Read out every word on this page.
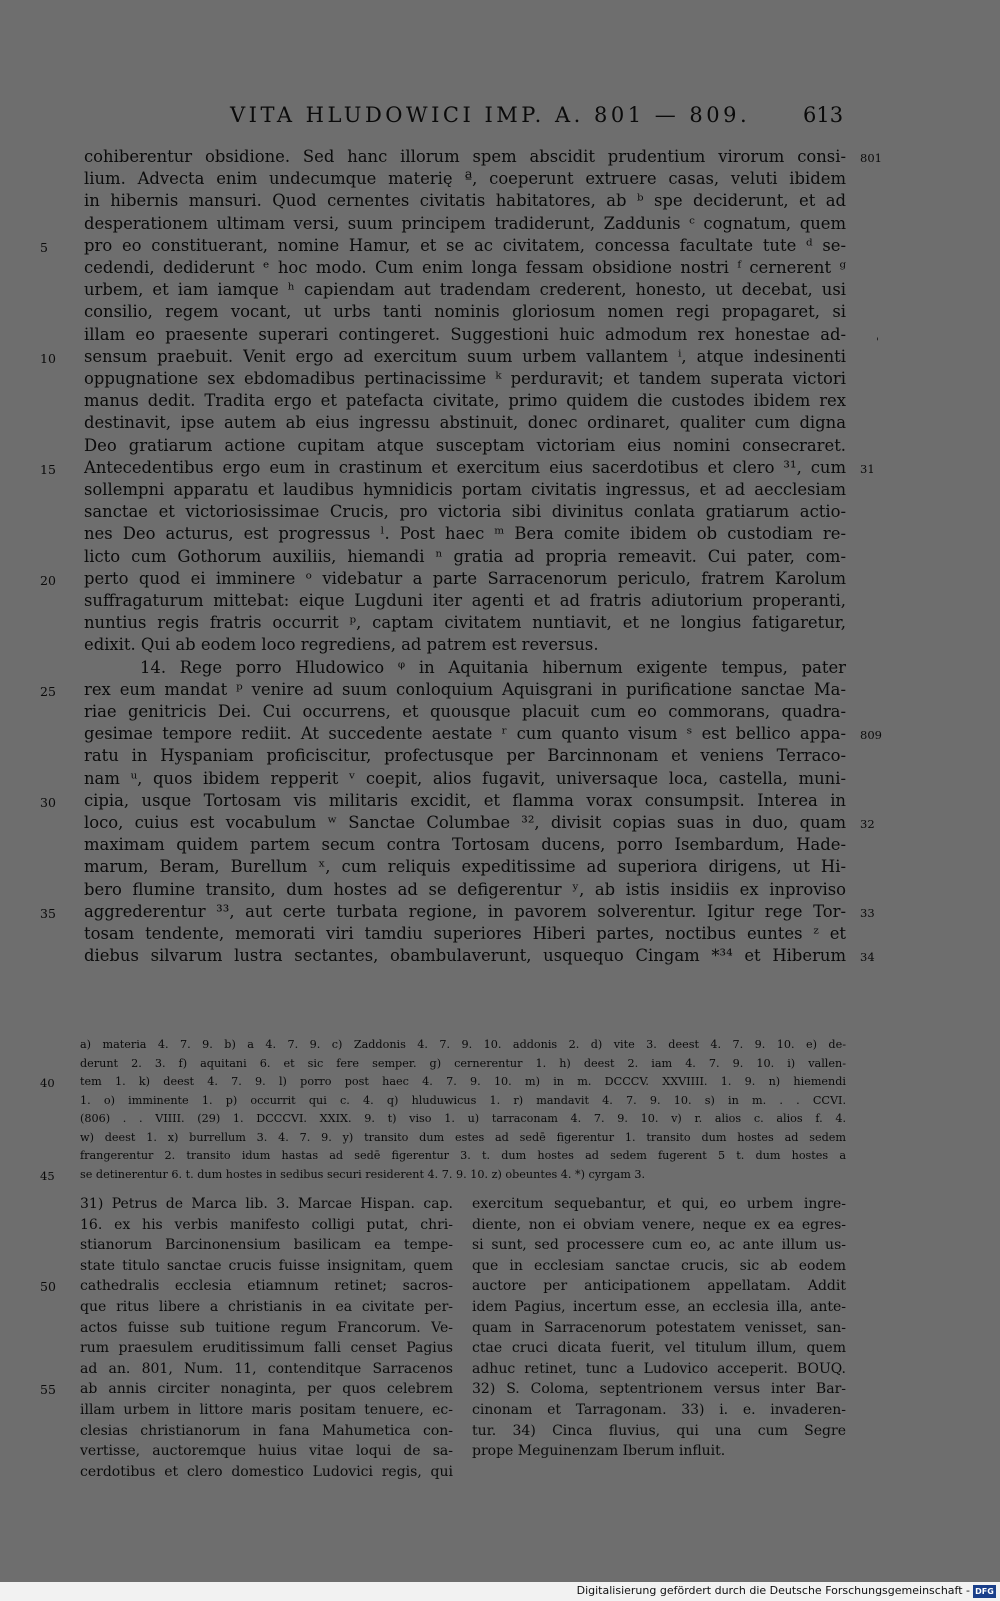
VITA HLUDOWICI IMP. A. 801 — 809.	613
'
cohiberentur obsidione. Sed hanc illorum spem abscidit prudentium virorum consi- 801
lium. Advecta enim undecumque materię ª, coeperunt extruere casas, veluti ibidem
in hibernis mansuri. Quod cernentes civitatis habitatores, ab ᵇ spe deciderunt, et ad
desperationem ultimam versi, suum principem tradiderunt, Zaddunis ᶜ cognatum, quem
5	pro eo constituerant, nomine Hamur, et se ac civitatem, concessa facultate tute ᵈ se-
cedendi, dediderunt ᵉ hoc modo. Cum enim longa fessam obsidione nostri ᶠ cernerent ᵍ
urbem, et iam iamque ʰ capiendam aut tradendam crederent, honesto, ut decebat, usi
consilio, regem vocant, ut urbs tanti nominis gloriosum nomen regi propagaret, si
illam eo praesente superari contingeret. Suggestioni huic admodum rex honestae ad-
10	sensum praebuit. Venit ergo ad exercitum suum urbem vallantem ⁱ, atque indesinenti
oppugnatione sex ebdomadibus pertinacissime ᵏ perduravit; et tandem superata victori
manus dedit. Tradita ergo et patefacta civitate, primo quidem die custodes ibidem rex
destinavit, ipse autem ab eius ingressu abstinuit, donec ordinaret, qualiter cum digna
Deo gratiarum actione cupitam atque susceptam victoriam eius nomini consecraret.
15	Antecedentibus ergo eum in crastinum et exercitum eius sacerdotibus et clero ³¹, cum 31
sollempni apparatu et laudibus hymnidicis portam civitatis ingressus, et ad aecclesiam
sanctae et victoriosissimae Crucis, pro victoria sibi divinitus conlata gratiarum actio-
nes Deo acturus, est progressus ˡ. Post haec ᵐ Bera comite ibidem ob custodiam re-
licto cum Gothorum auxiliis, hiemandi ⁿ gratia ad propria remeavit. Cui pater, com-
20	perto quod ei imminere ᵒ videbatur a parte Sarracenorum periculo, fratrem Karolum
suffragaturum mittebat: eique Lugduni iter agenti et ad fratris adiutorium properanti,
nuntius regis fratris occurrit ᵖ, captam civitatem nuntiavit, et ne longius fatigaretur,
edixit. Qui ab eodem loco regrediens, ad patrem est reversus.
14. Rege porro Hludowico ᵠ in Aquitania hibernum exigente tempus, pater
25	rex eum mandat ᵖ venire ad suum conloquium Aquisgrani in purificatione sanctae Ma-
riae genitricis Dei. Cui occurrens, et quousque placuit cum eo commorans, quadra-
gesimae tempore rediit. At succedente aestate ʳ cum quanto visum ˢ est bellico appa- 809
ratu in Hyspaniam proficiscitur, profectusque per Barcinnonam et veniens Terraco-
nam ᵘ, quos ibidem repperit ᵛ coepit, alios fugavit, universaque loca, castella, muni-
30	cipia, usque Tortosam vis militaris excidit, et flamma vorax consumpsit. Interea in
loco, cuius est vocabulum ʷ Sanctae Columbae ³², divisit copias suas in duo, quam 32
maximam quidem partem secum contra Tortosam ducens, porro Isembardum, Hade-
marum, Beram, Burellum ˣ, cum reliquis expeditissime ad superiora dirigens, ut Hi-
bero flumine transito, dum hostes ad se defigerentur ʸ, ab istis insidiis ex inproviso
35	aggrederentur ³³, aut certe turbata regione, in pavorem solverentur. Igitur rege Tor- 33
tosam tendente, memorati viri tamdiu superiores Hiberi partes, noctibus euntes ᶻ et
diebus silvarum lustra sectantes, obambulaverunt, usquequo Cingam *³⁴ et Hiberum 34
a) materia 4. 7. 9. b) a 4. 7. 9. c) Zaddonis 4. 7. 9. 10. addonis 2. d) vite 3. deest 4. 7. 9. 10. e) de-
derunt 2. 3. f) aquitani 6. et sic fere semper. g) cernerentur 1. h) deest 2. iam 4. 7. 9. 10. i) vallen-
40	tem 1. k) deest 4. 7. 9. l) porro post haec 4. 7. 9. 10. m) in m. DCCCV. XXVIIII. 1. 9. n) hiemendi
1. o) imminente 1. p) occurrit qui c. 4. q) hluduwicus 1. r) mandavit 4. 7. 9. 10. s) in m. . . CCVI.
(806) . . VIIII. (29) 1. DCCCVI. XXIX. 9. t) viso 1. u) tarraconam 4. 7. 9. 10. v) r. alios c. alios f. 4.
w) deest 1. x) burrellum 3. 4. 7. 9. y) transito dum estes ad sedē figerentur 1. transito dum hostes ad sedem
frangerentur 2. transito idum hastas ad sedē figerentur 3. t. dum hostes ad sedem fugerent 5 t. dum hostes a
45	se detinerentur 6. t. dum hostes in sedibus securi residerent 4. 7. 9. 10. z) obeuntes 4. *) cyrgam 3.
31) Petrus de Marca lib. 3. Marcae Hispan. cap. exercitum sequebantur, et qui, eo urbem ingre-
16. ex his verbis manifesto colligi putat, chri- diente, non ei obviam venere, neque ex ea egres-
stianorum Barcinonensium basilicam ea tempe- si sunt, sed processere cum eo, ac ante illum us-
state titulo sanctae crucis fuisse insignitam, quem que in ecclesiam sanctae crucis, sic ab eodem
50	cathedralis ecclesia etiamnum retinet; sacros- auctore per anticipationem appellatam. Addit
que ritus libere a christianis in ea civitate per- idem Pagius, incertum esse, an ecclesia illa, ante-
actos fuisse sub tuitione regum Francorum. Ve- quam in Sarracenorum potestatem venisset, san-
rum praesulem eruditissimum falli censet Pagius ctae cruci dicata fuerit, vel titulum illum, quem
ad an. 801, Num. 11, contenditque Sarracenos adhuc retinet, tunc a Ludovico acceperit. BOUQ.
55	ab annis circiter nonaginta, per quos celebrem 32) S. Coloma, septentrionem versus inter Bar-
illam urbem in littore maris positam tenuere, ec- cinonam et Tarragonam. 33) i. e. invaderen-
clesias christianorum in fana Mahumetica con- tur. 34) Cinca fluvius, qui una cum Segre
vertisse, auctoremque huius vitae loqui de sa- prope Meguinenzam Iberum influit.
cerdotibus et clero domestico Ludovici regis, qui
Digitalisierung gefördert durch die Deutsche Forschungsgemeinschaft - DFG
